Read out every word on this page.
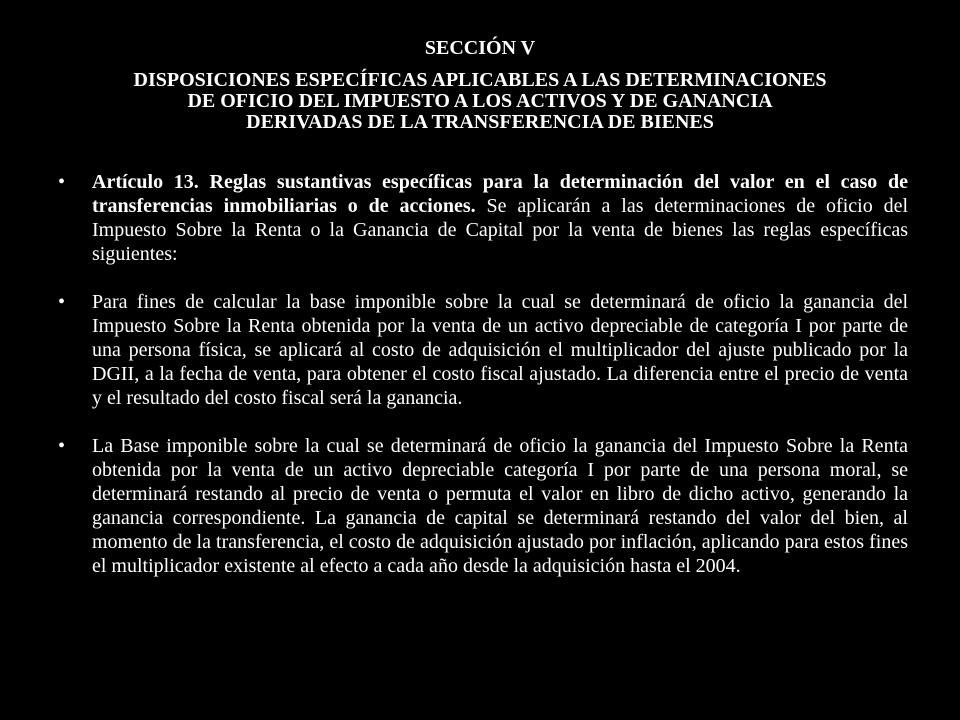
SECCIÓN V
DISPOSICIONES ESPECÍFICAS APLICABLES A LAS DETERMINACIONES
DE OFICIO DEL IMPUESTO A LOS ACTIVOS Y DE GANANCIA
DERIVADAS DE LA TRANSFERENCIA DE BIENES
• Artículo 13. Reglas sustantivas específicas para la determinación del valor en el caso de transferencias inmobiliarias o de acciones. Se aplicarán a las determinaciones de oficio del Impuesto Sobre la Renta o la Ganancia de Capital por la venta de bienes las reglas específicas siguientes:
• Para fines de calcular la base imponible sobre la cual se determinará de oficio la ganancia del Impuesto Sobre la Renta obtenida por la venta de un activo depreciable de categoría I por parte de una persona física, se aplicará al costo de adquisición el multiplicador del ajuste publicado por la DGII, a la fecha de venta, para obtener el costo fiscal ajustado. La diferencia entre el precio de venta y el resultado del costo fiscal será la ganancia.
• La Base imponible sobre la cual se determinará de oficio la ganancia del Impuesto Sobre la Renta obtenida por la venta de un activo depreciable categoría I por parte de una persona moral, se determinará restando al precio de venta o permuta el valor en libro de dicho activo, generando la ganancia correspondiente. La ganancia de capital se determinará restando del valor del bien, al momento de la transferencia, el costo de adquisición ajustado por inflación, aplicando para estos fines el multiplicador existente al efecto a cada año desde la adquisición hasta el 2004.
